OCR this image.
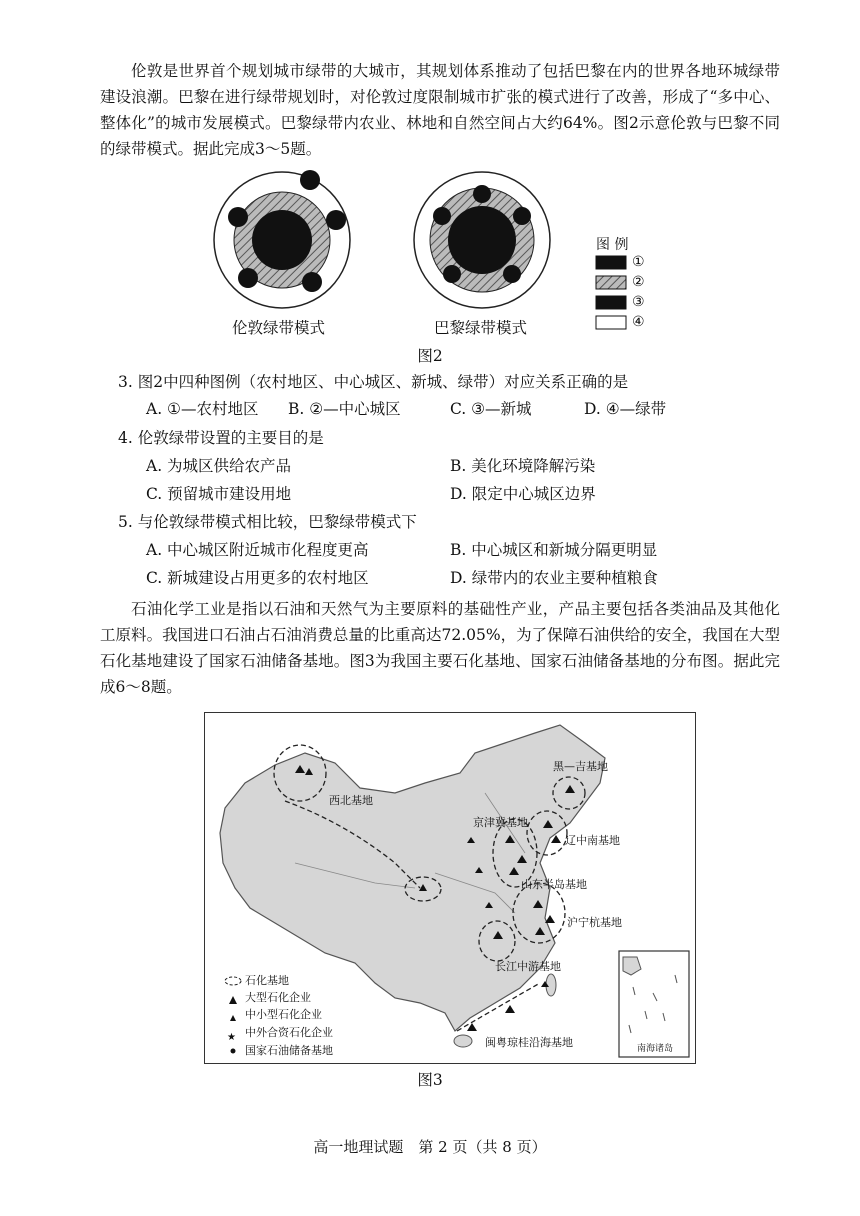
伦敦是世界首个规划城市绿带的大城市，其规划体系推动了包括巴黎在内的世界各地环城绿带建设浪潮。巴黎在进行绿带规划时，对伦敦过度限制城市扩张的模式进行了改善，形成了“多中心、整体化”的城市发展模式。巴黎绿带内农业、林地和自然空间占大约64%。图2示意伦敦与巴黎不同的绿带模式。据此完成3～5题。
图 例
①
②
③
④
伦敦绿带模式	巴黎绿带模式
图2
3. 图2中四种图例（农村地区、中心城区、新城、绿带）对应关系正确的是
A. ①—农村地区 B. ②—中心城区	C. ③—新城	D. ④—绿带
4. 伦敦绿带设置的主要目的是
A. 为城区供给农产品	B. 美化环境降解污染
C. 预留城市建设用地	D. 限定中心城区边界
5. 与伦敦绿带模式相比较，巴黎绿带模式下
A. 中心城区附近城市化程度更高	B. 中心城区和新城分隔更明显
C. 新城建设占用更多的农村地区	D. 绿带内的农业主要种植粮食
石油化学工业是指以石油和天然气为主要原料的基础性产业，产品主要包括各类油品及其他化工原料。我国进口石油占石油消费总量的比重高达72.05%，为了保障石油供给的安全，我国在大型石化基地建设了国家石油储备基地。图3为我国主要石化基地、国家石油储备基地的分布图。据此完成6～8题。
★
黑—吉基地
西北基地
京津冀基地
辽中南基地
山东半岛基地
沪宁杭基地
长江中游基地
闽粤琼桂沿海基地
石化基地
大型石化企业
中小型石化企业
中外合资石化企业
国家石油储备基地	南海诸岛
图3
高一地理试题　第 2 页（共 8 页）
